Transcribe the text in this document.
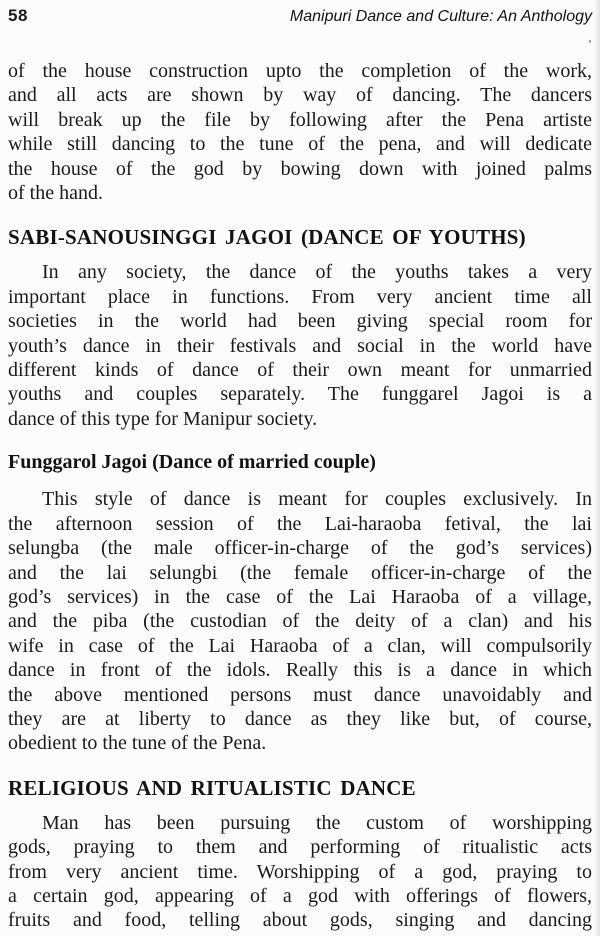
58	Manipuri Dance and Culture: An Anthology
of the house construction upto the completion of the work,
and all acts are shown by way of dancing. The dancers
will break up the file by following after the Pena artiste
while still dancing to the tune of the pena, and will dedicate
the house of the god by bowing down with joined palms
of the hand.
SABI-SANOUSINGGI JAGOI (DANCE OF YOUTHS)
In any society, the dance of the youths takes a very
important place in functions. From very ancient time all
societies in the world had been giving special room for
youth’s dance in their festivals and social in the world have
different kinds of dance of their own meant for unmarried
youths and couples separately. The funggarel Jagoi is a
dance of this type for Manipur society.
Funggarol Jagoi (Dance of married couple)
This style of dance is meant for couples exclusively. In
the afternoon session of the Lai-haraoba fetival, the lai
selungba (the male officer-in-charge of the god’s services)
and the lai selungbi (the female officer-in-charge of the
god’s services) in the case of the Lai Haraoba of a village,
and the piba (the custodian of the deity of a clan) and his
wife in case of the Lai Haraoba of a clan, will compulsorily
dance in front of the idols. Really this is a dance in which
the above mentioned persons must dance unavoidably and
they are at liberty to dance as they like but, of course,
obedient to the tune of the Pena.
RELIGIOUS AND RITUALISTIC DANCE
Man has been pursuing the custom of worshipping
gods, praying to them and performing of ritualistic acts
from very ancient time. Worshipping of a god, praying to
a certain god, appearing of a god with offerings of flowers,
fruits and food, telling about gods, singing and dancing
